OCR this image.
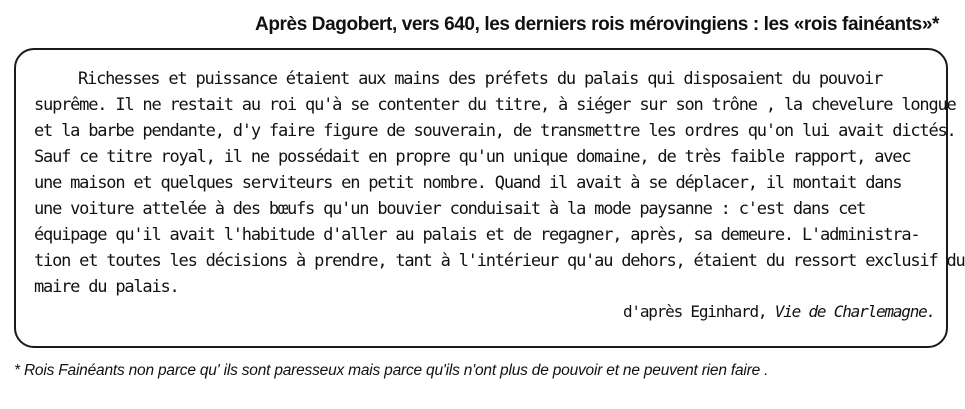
Après Dagobert, vers 640, les derniers rois mérovingiens : les «rois fainéants»*
Richesses et puissance étaient aux mains des préfets du palais qui disposaient du pouvoir
suprême. Il ne restait au roi qu'à se contenter du titre, à siéger sur son trône , la chevelure longue
et la barbe pendante, d'y faire figure de souverain, de transmettre les ordres qu'on lui avait dictés.
Sauf ce titre royal, il ne possédait en propre qu'un unique domaine, de très faible rapport, avec
une maison et quelques serviteurs en petit nombre. Quand il avait à se déplacer, il montait dans
une voiture attelée à des bœufs qu'un bouvier conduisait à la mode paysanne : c'est dans cet
équipage qu'il avait l'habitude d'aller au palais et de regagner, après, sa demeure. L'administra-
tion et toutes les décisions à prendre, tant à l'intérieur qu'au dehors, étaient du ressort exclusif du
maire du palais.
d'après Eginhard, Vie de Charlemagne.
* Rois Fainéants non parce qu' ils sont paresseux mais parce qu'ils n'ont plus de pouvoir et ne peuvent rien faire .
